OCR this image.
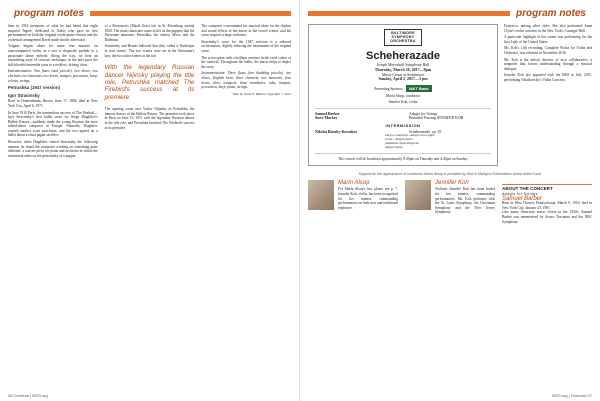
program notes

later in 1914 memories of what he had heard that night inspired Tagore, dedicated to Aubry who gave its first performance) in both the original violin-piano version and the orchestral arrangement Ravel made shortly afterward.

Tzigane begins alone for some four minutes on unaccompanied violin, as a sort of rhapsodic prelude to a passionate dance melody. Along the way, we hear an astonishing array of virtuosic technique; in the later parts the full-blooded ensemble joins in a reckless, driving close.

Instrumentation: Two flutes (and piccolo), two oboes, two clarinets, two bassoons, two horns, trumpet, percussion, harp, celesta, strings.

Petrushka (1947 version)
Igor Stravinsky

Born in Oranienbaum, Russia, June 17, 1882; died in New York City, April 6, 1971

In June 1910 Paris, the tremendous success of The Firebird—Igor Stravinsky's first ballet score for Serge Diaghilev's Ballets Russes—suddenly made the young Russian the most talked-about composer in Europe. Naturally, Diaghilev wanted another score post-haste, and the two agreed on a ballet about a ritual pagan sacrifice.

However, when Diaghilev visited Stravinsky the following autumn, he found the composer working on something quite different: a concert piece for piano and orchestra in which the instrument takes on the personality of a puppet.

of a Showmen's (Mardi Gras) fair in St. Petersburg around 1830. The main characters come to life as the puppets that the Showman animates; Petrushka, the clumsy Moor, and the Ballerina.

Stravinsky and Benois believed that they called it 'burlesque in four scenes'. The two scenes were set in the Showman's box; the two outer scenes in the fair.

With the legendary Russian dancer Nijinsky playing the title role, Petrushka matched The Firebird's success at its premiere.

The opening scene uses Vaslav Nijinsky as Petrushka, the famous dancer of the Ballets Russes. The premiere took place in Paris on June 13, 1911 with the legendary Russian dancer in the title role, and Petrushka matched The Firebird's success at its premiere.

The composer concentrated his musical ideas on the rhythm and sound effects of the music in the crowd scenes, and his score requires a large orchestra.

Stravinsky's score for the 1947 revision is a reduced orchestration, slightly reducing the instruments of the original score.

The score opens with a brilliant overture in the vivid colors of the carnival. Throughout the ballet, the music helps to depict the story.

Instrumentation: Three flutes (two doubling piccolo), two oboes, English horn, three clarinets, two bassoons, four horns, three trumpets, three trombones, tuba, timpani, percussion, harp, piano, strings.

Note by Janet E. Bedell, Copyright © 2017
26 Overture | BSO.org
program notes
BALTIMORE
SYMPHONY
ORCHESTRA
Scheherazade
Joseph Meyerhoff Symphony Hall
Thursday, March 30, 2017—8pm
Music Center at Strathmore
Sunday, April 2, 2017—3 pm
Presenting Sponsor: M&T Bank
Marin Alsop, conductor
Jennifer Koh, violin
Samuel Barber	Adagio for Strings
Steve Mackey	Beautiful Passing JENNIFER KOH
INTERMISSION
Nikolai Rimsky-Korsakov	Scheherazade, op. 35
Largo e maestoso—Allegro non troppo
Lento—Allegro molto
Andantino quasi allegretto
Allegro molto
The concert will be broadcast approximately 9:45pm on Thursday and 4:45pm on Sunday.

Francisco, among other cities. She also performed Anna Clyne's violin concerto in the New York's Carnegie Hall.

A particular highlight of her career was performing for the first Lady of the United States.

Ms. Koh's 11th recording, Complete Works for Violin and Orchestra, was released in November 2016.

Ms. Koh is the artistic director of arco collaborative, a nonprofit that fosters understanding through a musical dialogue.

Jennifer Koh last appeared with the BSO in July 2015, performing Tchaikovsky's Violin Concerto.

Support for the appearance of conductor Marin Alsop is provided by Bob & Marilynn Edmondson Guest Artist Fund.
Marin Alsop
For Marin Alsop's bio, please see p. 7. Jennifer Koh, violin, has been recognized for her intense, commanding performances on both new and traditional repertoire.
Jennifer Koh
Violinist Jennifer Koh has been hailed for her intense, commanding performances. Ms. Koh performs with the St. Louis Symphony, the Cincinnati Symphony and the New Jersey Symphony.
ABOUT THE CONCERT
Adagio for Strings
Samuel Barber
Born in West Chester, Pennsylvania, March 9, 1910; died in New York City, January 23, 1981
Like many American music lovers in the 1930s, Samuel Barber was mesmerized by Arturo Toscanini and the NBC Symphony.
BSO.org | Overture 27
